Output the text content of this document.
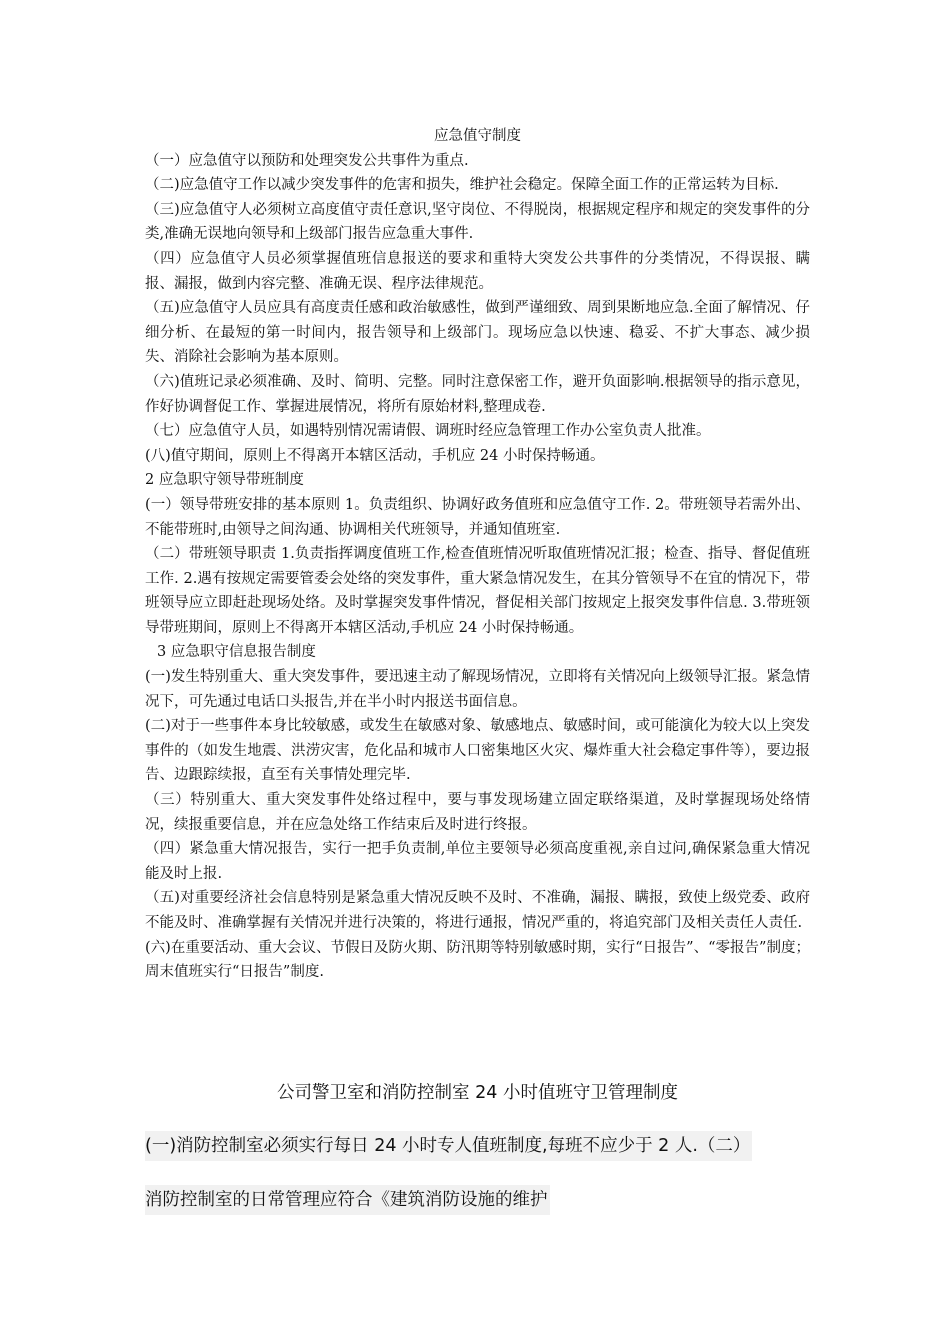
应急值守制度

（一）应急值守以预防和处理突发公共事件为重点.

（二)应急值守工作以减少突发事件的危害和损失，维护社会稳定。保障全面工作的正常运转为目标.

（三)应急值守人必须树立高度值守责任意识,坚守岗位、不得脱岗，根据规定程序和规定的突发事件的分类,准确无误地向领导和上级部门报告应急重大事件.

（四）应急值守人员必须掌握值班信息报送的要求和重特大突发公共事件的分类情况，不得误报、瞒报、漏报，做到内容完整、准确无误、程序法律规范。

（五)应急值守人员应具有高度责任感和政治敏感性，做到严谨细致、周到果断地应急.全面了解情况、仔细分析、在最短的第一时间内，报告领导和上级部门。现场应急以快速、稳妥、不扩大事态、减少损失、消除社会影响为基本原则。

（六)值班记录必须准确、及时、简明、完整。同时注意保密工作，避开负面影响.根据领导的指示意见，作好协调督促工作、掌握进展情况，将所有原始材料,整理成卷.

（七）应急值守人员，如遇特别情况需请假、调班时经应急管理工作办公室负责人批准。

(八)值守期间，原则上不得离开本辖区活动，手机应 24 小时保持畅通。

2 应急职守领导带班制度

(一）领导带班安排的基本原则 1。负责组织、协调好政务值班和应急值守工作. 2。带班领导若需外出、不能带班时,由领导之间沟通、协调相关代班领导，并通知值班室.

（二）带班领导职责 1.负责指挥调度值班工作,检查值班情况听取值班情况汇报；检查、指导、督促值班工作. 2.遇有按规定需要管委会处络的突发事件，重大紧急情况发生，在其分管领导不在宜的情况下，带班领导应立即赶赴现场处络。及时掌握突发事件情况，督促相关部门按规定上报突发事件信息. 3.带班领导带班期间，原则上不得离开本辖区活动,手机应 24 小时保持畅通。

3 应急职守信息报告制度

(一)发生特别重大、重大突发事件，要迅速主动了解现场情况，立即将有关情况向上级领导汇报。紧急情况下，可先通过电话口头报告,并在半小时内报送书面信息。

(二)对于一些事件本身比较敏感，或发生在敏感对象、敏感地点、敏感时间，或可能演化为较大以上突发事件的（如发生地震、洪涝灾害，危化品和城市人口密集地区火灾、爆炸重大社会稳定事件等），要边报告、边跟踪续报，直至有关事情处理完毕.

（三）特别重大、重大突发事件处络过程中，要与事发现场建立固定联络渠道，及时掌握现场处络情况，续报重要信息，并在应急处络工作结束后及时进行终报。

（四）紧急重大情况报告，实行一把手负责制,单位主要领导必须高度重视,亲自过问,确保紧急重大情况能及时上报.

（五)对重要经济社会信息特别是紧急重大情况反映不及时、不准确，漏报、瞒报，致使上级党委、政府不能及时、准确掌握有关情况并进行决策的，将进行通报，情况严重的，将追究部门及相关责任人责任.

(六)在重要活动、重大会议、节假日及防火期、防汛期等特别敏感时期，实行“日报告”、“零报告”制度；周末值班实行“日报告”制度.

公司警卫室和消防控制室 24 小时值班守卫管理制度

(一)消防控制室必须实行每日 24 小时专人值班制度,每班不应少于 2 人.（二）

消防控制室的日常管理应符合《建筑消防设施的维护
